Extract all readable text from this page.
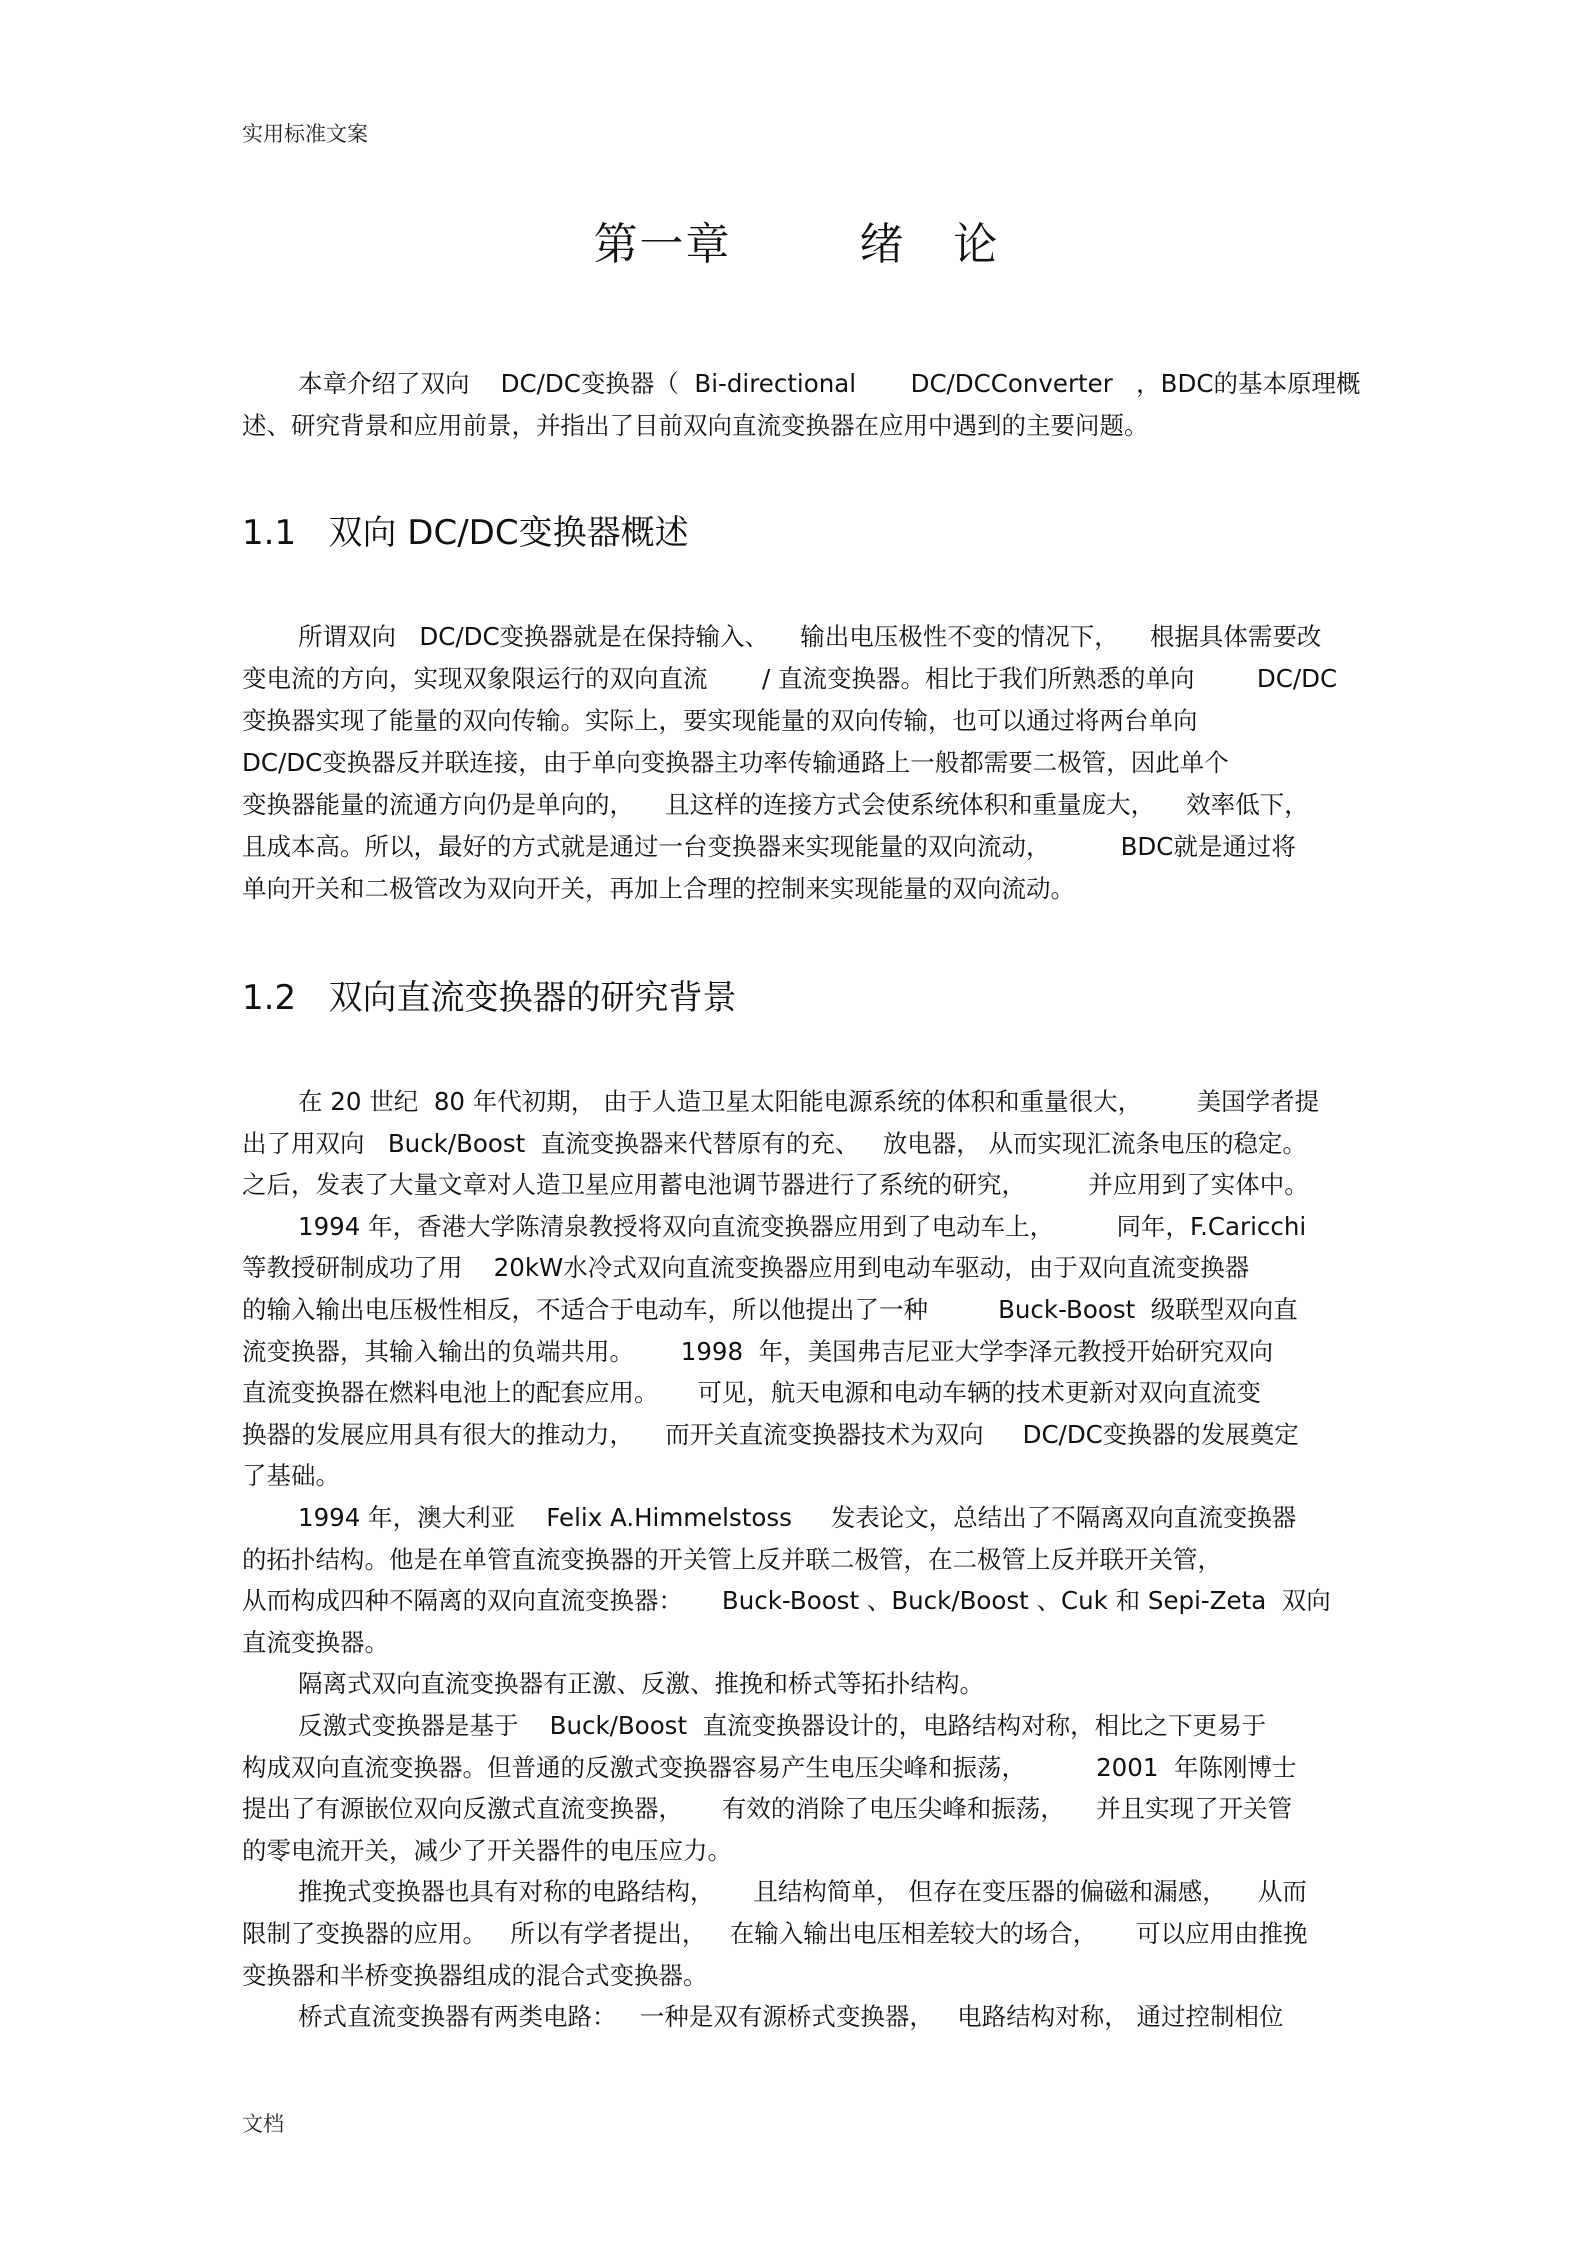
实用标准文案
第一章        绪   论
本章介绍了双向    DC/DC变换器（  Bi-directional       DC/DCConverter   ，BDC的基本原理概
述、研究背景和应用前景，并指出了目前双向直流变换器在应用中遇到的主要问题。
1.1   双向 DC/DC变换器概述
所谓双向   DC/DC变换器就是在保持输入、    输出电压极性不变的情况下，    根据具体需要改
变电流的方向，实现双象限运行的双向直流       / 直流变换器。相比于我们所熟悉的单向        DC/DC
变换器实现了能量的双向传输。实际上，要实现能量的双向传输，也可以通过将两台单向
DC/DC变换器反并联连接，由于单向变换器主功率传输通路上一般都需要二极管，因此单个
变换器能量的流通方向仍是单向的，    且这样的连接方式会使系统体积和重量庞大，    效率低下，
且成本高。所以，最好的方式就是通过一台变换器来实现能量的双向流动，         BDC就是通过将
单向开关和二极管改为双向开关，再加上合理的控制来实现能量的双向流动。
1.2   双向直流变换器的研究背景
在 20 世纪  80 年代初期， 由于人造卫星太阳能电源系统的体积和重量很大，       美国学者提
出了用双向   Buck/Boost  直流变换器来代替原有的充、   放电器， 从而实现汇流条电压的稳定。
之后，发表了大量文章对人造卫星应用蓄电池调节器进行了系统的研究，        并应用到了实体中。
1994 年，香港大学陈清泉教授将双向直流变换器应用到了电动车上，        同年，F.Caricchi
等教授研制成功了用    20kW水冷式双向直流变换器应用到电动车驱动，由于双向直流变换器
的输入输出电压极性相反，不适合于电动车，所以他提出了一种         Buck-Boost  级联型双向直
流变换器，其输入输出的负端共用。      1998  年，美国弗吉尼亚大学李泽元教授开始研究双向
直流变换器在燃料电池上的配套应用。     可见，航天电源和电动车辆的技术更新对双向直流变
换器的发展应用具有很大的推动力，    而开关直流变换器技术为双向     DC/DC变换器的发展奠定
了基础。
1994 年，澳大利亚    Felix A.Himmelstoss     发表论文，总结出了不隔离双向直流变换器
的拓扑结构。他是在单管直流变换器的开关管上反并联二极管，在二极管上反并联开关管，
从而构成四种不隔离的双向直流变换器：     Buck-Boost 、Buck/Boost 、Cuk 和 Sepi-Zeta  双向
直流变换器。
隔离式双向直流变换器有正激、反激、推挽和桥式等拓扑结构。
反激式变换器是基于    Buck/Boost  直流变换器设计的，电路结构对称，相比之下更易于
构成双向直流变换器。但普通的反激式变换器容易产生电压尖峰和振荡，         2001  年陈刚博士
提出了有源嵌位双向反激式直流变换器，     有效的消除了电压尖峰和振荡，    并且实现了开关管
的零电流开关，减少了开关器件的电压应力。
推挽式变换器也具有对称的电路结构，     且结构简单， 但存在变压器的偏磁和漏感，    从而
限制了变换器的应用。   所以有学者提出，   在输入输出电压相差较大的场合，     可以应用由推挽
变换器和半桥变换器组成的混合式变换器。
桥式直流变换器有两类电路：   一种是双有源桥式变换器，   电路结构对称， 通过控制相位
文档
